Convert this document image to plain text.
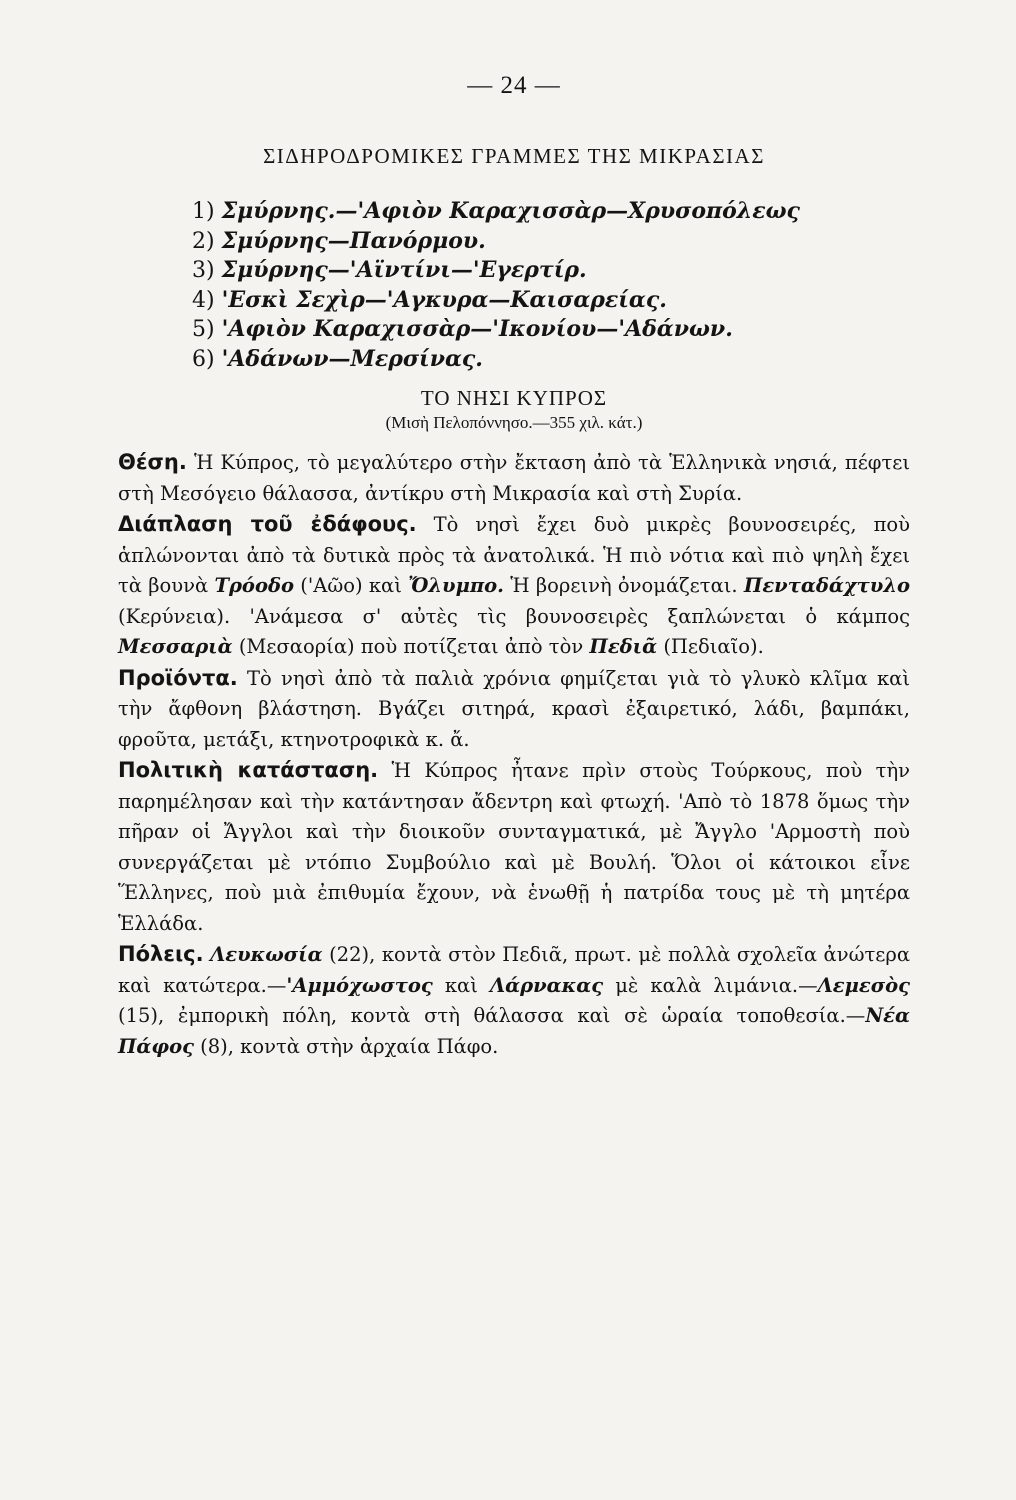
— 24 —
ΣΙΔΗΡΟΔΡΟΜΙΚΕΣ ΓΡΑΜΜΕΣ ΤΗΣ ΜΙΚΡΑΣΙΑΣ
1) Σμύρνης.—'Αφιὸν Καραχισσὰρ—Χρυσοπόλεως
2) Σμύρνης—Πανόρμου.
3) Σμύρνης—'Αϊντίνι—'Εγερτίρ.
4) 'Εσκὶ Σεχὶρ—'Αγκυρα—Καισαρείας.
5) 'Αφιὸν Καραχισσὰρ—'Ικονίου—'Αδάνων.
6) 'Αδάνων—Μερσίνας.
ΤΟ ΝΗΣΙ ΚΥΠΡΟΣ
(Μισὴ Πελοπόννησο.—355 χιλ. κάτ.)

Θέση. Ἡ Κύπρος, τὸ μεγαλύτερο στὴν ἔκταση ἀπὸ τὰ Ἑλληνικὰ νησιά, πέφτει στὴ Μεσόγειο θάλασσα, ἀντίκρυ στὴ Μικρασία καὶ στὴ Συρία.

Διάπλαση τοῦ ἐδάφους. Τὸ νησὶ ἔχει δυὸ μικρὲς βουνοσειρές, ποὺ ἁπλώνονται ἀπὸ τὰ δυτικὰ πρὸς τὰ ἀνατολικά. Ἡ πιὸ νότια καὶ πιὸ ψηλὴ ἔχει τὰ βουνὰ Τρόοδο ('Αῶο) καὶ Ὄλυμπο. Ἡ βορεινὴ ὀνομάζεται. Πενταδάχτυλο (Κερύνεια). 'Ανάμεσα σ' αὐτὲς τὶς βουνοσειρὲς ξαπλώνεται ὁ κάμπος Μεσσαριὰ (Μεσαορία) ποὺ ποτίζεται ἀπὸ τὸν Πεδιᾶ (Πεδιαῖο).

Προϊόντα. Τὸ νησὶ ἀπὸ τὰ παλιὰ χρόνια φημίζεται γιὰ τὸ γλυκὸ κλῖμα καὶ τὴν ἄφθονη βλάστηση. Βγάζει σιτηρά, κρασὶ ἐξαιρετικό, λάδι, βαμπάκι, φροῦτα, μετάξι, κτηνοτροφικὰ κ. ἄ.

Πολιτικὴ κατάσταση. Ἡ Κύπρος ἦτανε πρὶν στοὺς Τούρκους, ποὺ τὴν παρημέλησαν καὶ τὴν κατάντησαν ἄδεντρη καὶ φτωχή. 'Απὸ τὸ 1878 ὅμως τὴν πῆραν οἱ Ἄγγλοι καὶ τὴν διοικοῦν συνταγματικά, μὲ Ἄγγλο 'Αρμοστὴ ποὺ συνεργάζεται μὲ ντόπιο Συμβούλιο καὶ μὲ Βουλή. Ὅλοι οἱ κάτοικοι εἶνε Ἕλληνες, ποὺ μιὰ ἐπιθυμία ἔχουν, νὰ ἑνωθῇ ἡ πατρίδα τους μὲ τὴ μητέρα Ἑλλάδα.

Πόλεις. Λευκωσία (22), κοντὰ στὸν Πεδιᾶ, πρωτ. μὲ πολλὰ σχολεῖα ἀνώτερα καὶ κατώτερα.—'Αμμόχωστος καὶ Λάρνακας μὲ καλὰ λιμάνια.—Λεμεσὸς (15), ἐμπορικὴ πόλη, κοντὰ στὴ θάλασσα καὶ σὲ ὡραία τοποθεσία.—Νέα Πάφος (8), κοντὰ στὴν ἀρχαία Πάφο.
